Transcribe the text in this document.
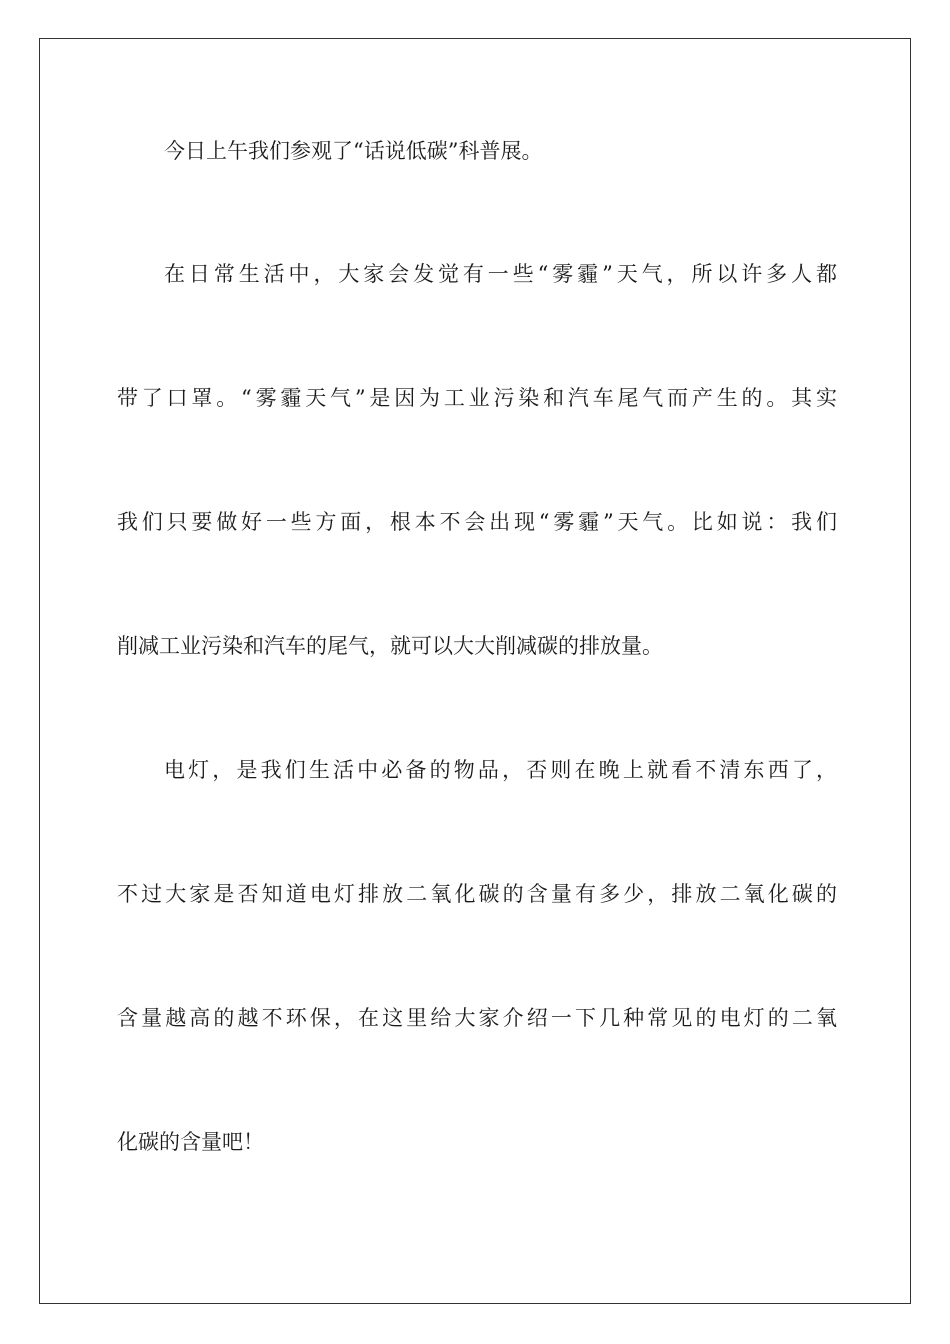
今日上午我们参观了“话说低碳”科普展。
在日常生活中，大家会发觉有一些“雾霾”天气，所以许多人都
带了口罩。“雾霾天气”是因为工业污染和汽车尾气而产生的。其实
我们只要做好一些方面，根本不会出现“雾霾”天气。比如说：我们
削减工业污染和汽车的尾气，就可以大大削减碳的排放量。
电灯，是我们生活中必备的物品，否则在晚上就看不清东西了，
不过大家是否知道电灯排放二氧化碳的含量有多少，排放二氧化碳的
含量越高的越不环保，在这里给大家介绍一下几种常见的电灯的二氧
化碳的含量吧！
